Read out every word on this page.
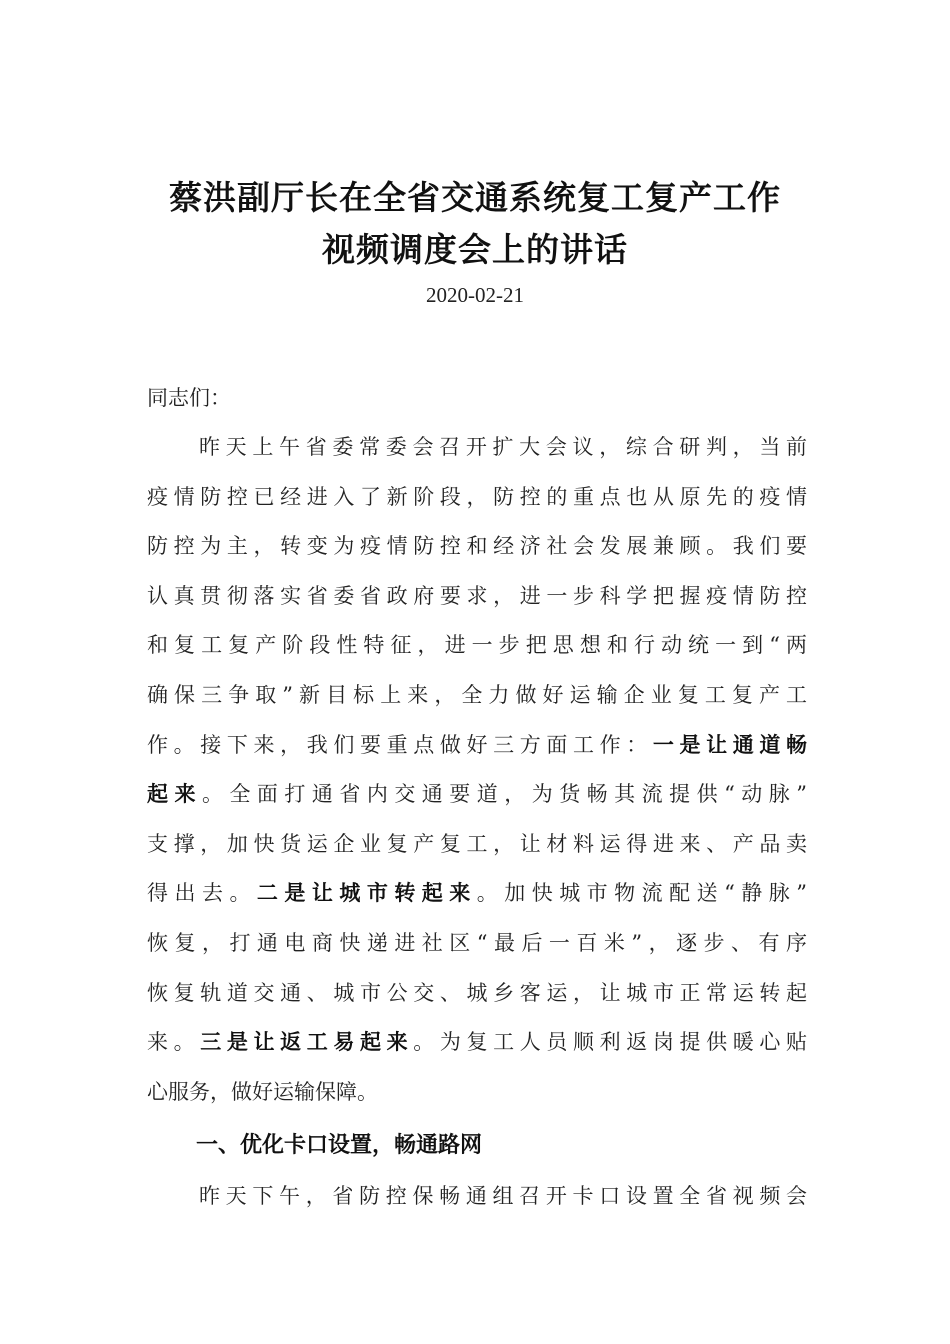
蔡洪副厅长在全省交通系统复工复产工作
视频调度会上的讲话
2020-02-21
同志们：
昨天上午省委常委会召开扩大会议，综合研判，当前
疫情防控已经进入了新阶段，防控的重点也从原先的疫情
防控为主，转变为疫情防控和经济社会发展兼顾。我们要
认真贯彻落实省委省政府要求，进一步科学把握疫情防控
和复工复产阶段性特征，进一步把思想和行动统一到“两
确保三争取”新目标上来，全力做好运输企业复工复产工
作。接下来，我们要重点做好三方面工作：一是让通道畅
起来。全面打通省内交通要道，为货畅其流提供“动脉”
支撑，加快货运企业复产复工，让材料运得进来、产品卖
得出去。二是让城市转起来。加快城市物流配送“静脉”
恢复，打通电商快递进社区“最后一百米”，逐步、有序
恢复轨道交通、城市公交、城乡客运，让城市正常运转起
来。三是让返工易起来。为复工人员顺利返岗提供暖心贴
心服务，做好运输保障。
一、优化卡口设置，畅通路网
昨天下午，省防控保畅通组召开卡口设置全省视频会
